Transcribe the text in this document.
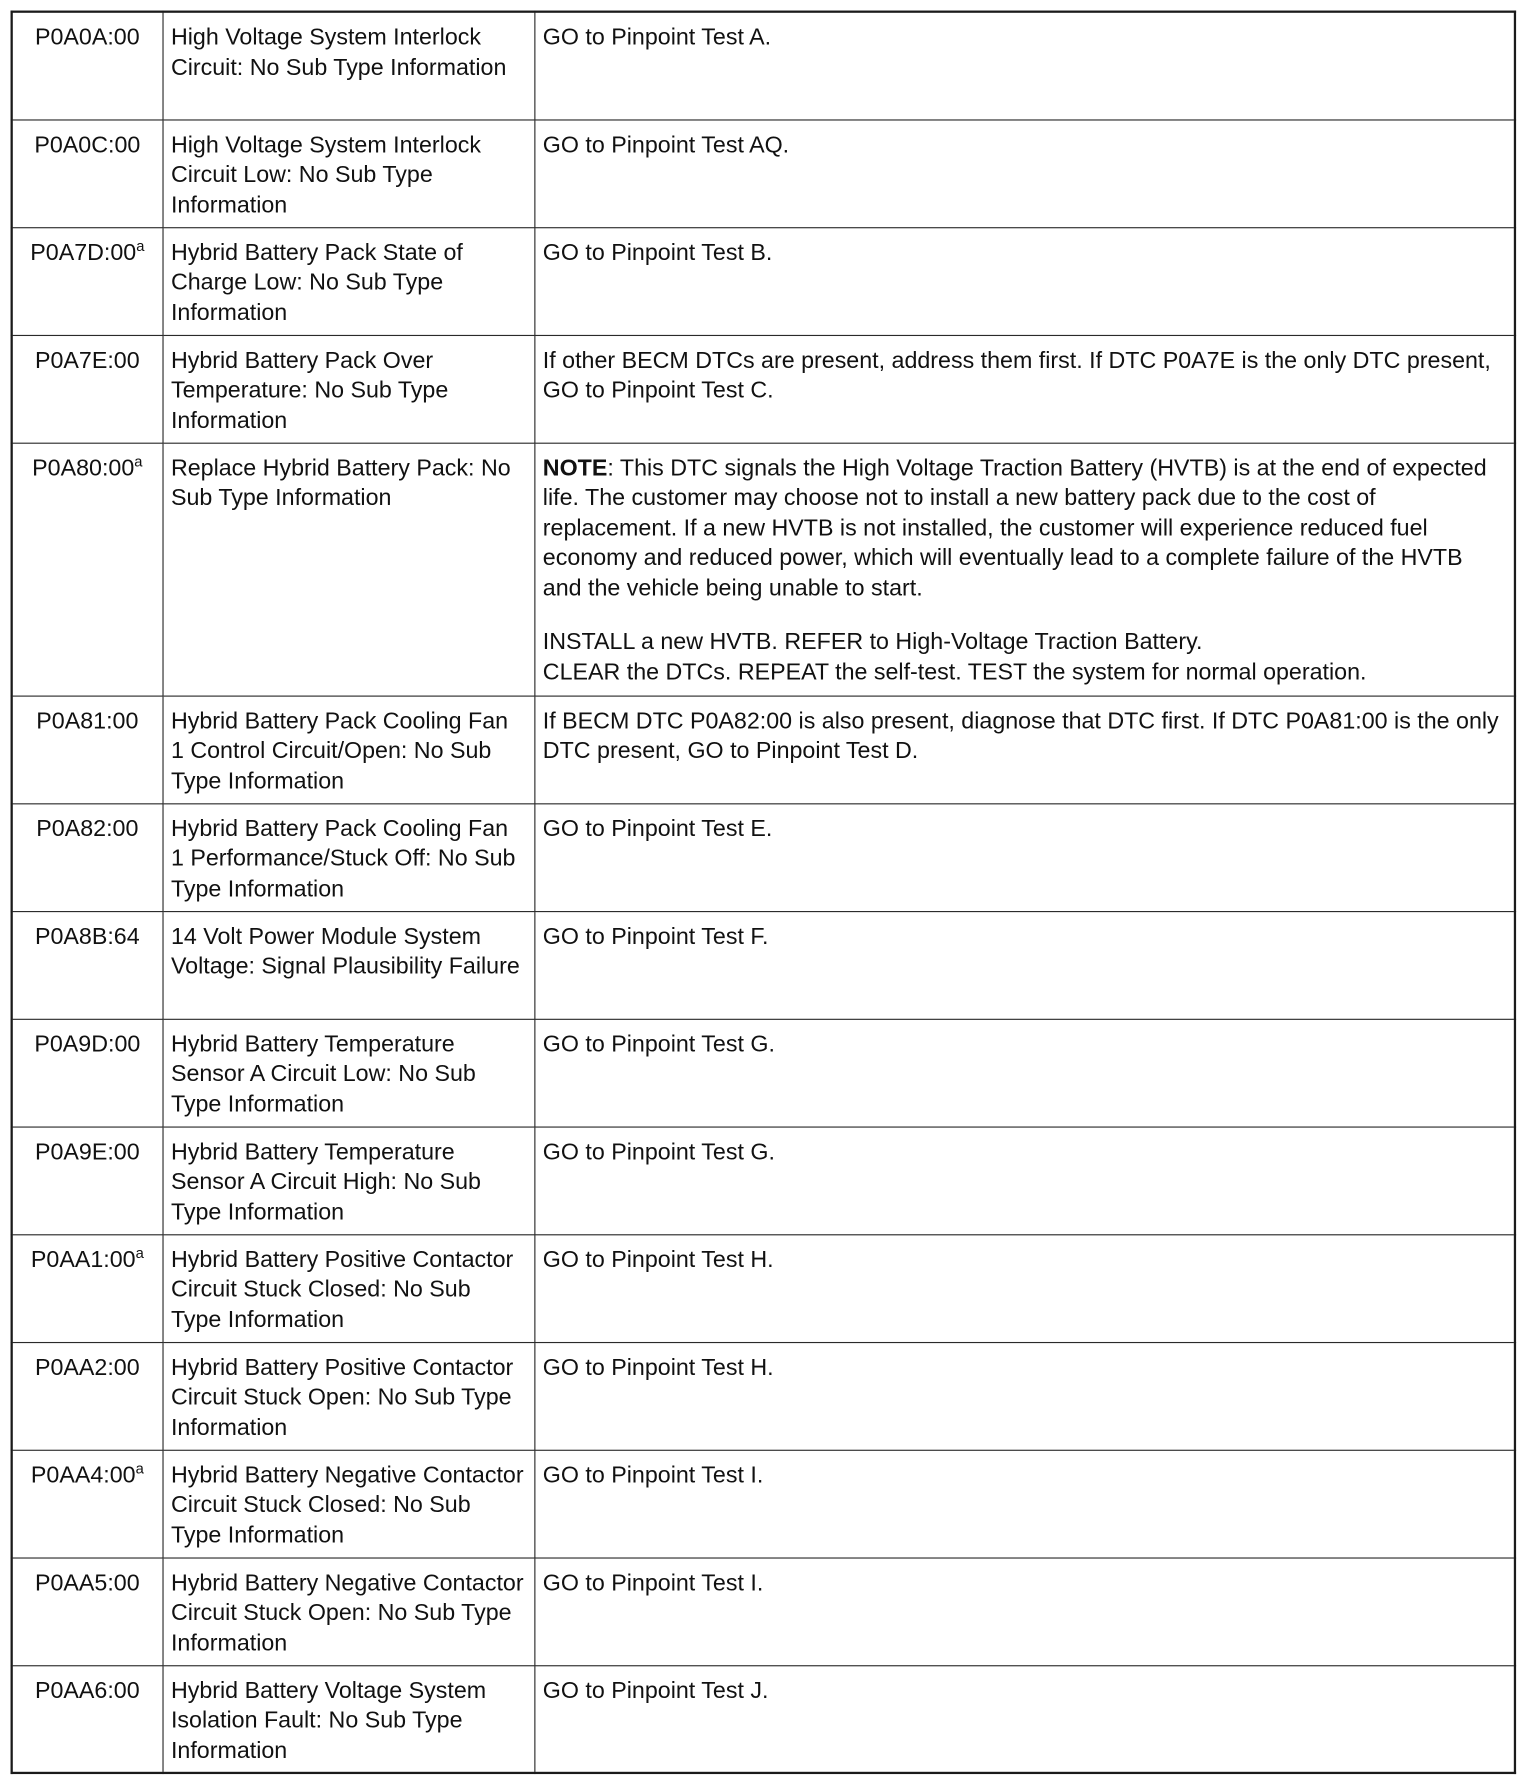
P0A0A:00	High Voltage System Interlock Circuit: No Sub Type Information	GO to Pinpoint Test A.
P0A0C:00	High Voltage System Interlock Circuit Low: No Sub Type Information	GO to Pinpoint Test AQ.
P0A7D:00$^a$	Hybrid Battery Pack State of Charge Low: No Sub Type Information	GO to Pinpoint Test B.
P0A7E:00	Hybrid Battery Pack Over Temperature: No Sub Type Information	If other BECM DTCs are present, address them first. If DTC P0A7E is the only DTC present, GO to Pinpoint Test C.
P0A80:00$^a$	Replace Hybrid Battery Pack: No Sub Type Information	NOTE: This DTC signals the High Voltage Traction Battery (HVTB) is at the end of expected life. The customer may choose not to install a new battery pack due to the cost of replacement. If a new HVTB is not installed, the customer will experience reduced fuel economy and reduced power, which will eventually lead to a complete failure of the HVTB and the vehicle being unable to start.
INSTALL a new HVTB. REFER to High-Voltage Traction Battery.
CLEAR the DTCs. REPEAT the self-test. TEST the system for normal operation.

P0A81:00	Hybrid Battery Pack Cooling Fan 1 Control Circuit/Open: No Sub Type Information	If BECM DTC P0A82:00 is also present, diagnose that DTC first. If DTC P0A81:00 is the only DTC present, GO to Pinpoint Test D.
P0A82:00	Hybrid Battery Pack Cooling Fan 1 Performance/Stuck Off: No Sub Type Information	GO to Pinpoint Test E.
P0A8B:64	14 Volt Power Module System Voltage: Signal Plausibility Failure	GO to Pinpoint Test F.
P0A9D:00	Hybrid Battery Temperature Sensor A Circuit Low: No Sub Type Information	GO to Pinpoint Test G.
P0A9E:00	Hybrid Battery Temperature Sensor A Circuit High: No Sub Type Information	GO to Pinpoint Test G.
P0AA1:00$^a$	Hybrid Battery Positive Contactor Circuit Stuck Closed: No Sub Type Information	GO to Pinpoint Test H.
P0AA2:00	Hybrid Battery Positive Contactor Circuit Stuck Open: No Sub Type Information	GO to Pinpoint Test H.
P0AA4:00$^a$	Hybrid Battery Negative Contactor Circuit Stuck Closed: No Sub Type Information	GO to Pinpoint Test I.
P0AA5:00	Hybrid Battery Negative Contactor Circuit Stuck Open: No Sub Type Information	GO to Pinpoint Test I.
P0AA6:00	Hybrid Battery Voltage System Isolation Fault: No Sub Type Information	GO to Pinpoint Test J.
